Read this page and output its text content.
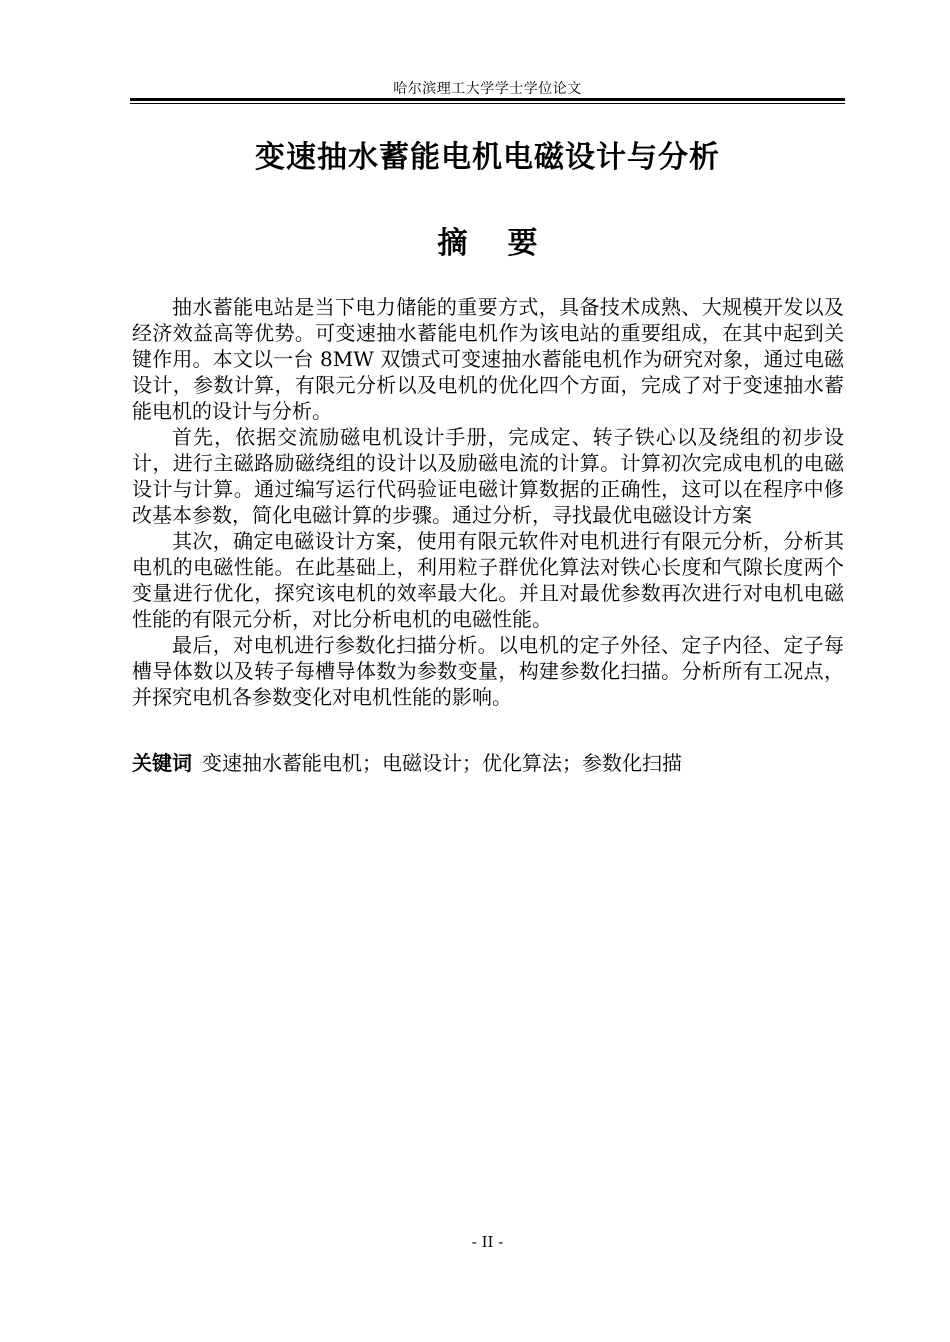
哈尔滨理工大学学士学位论文
变速抽水蓄能电机电磁设计与分析
摘要

抽水蓄能电站是当下电力储能的重要方式，具备技术成熟、大规模开发以及经济效益高等优势。可变速抽水蓄能电机作为该电站的重要组成，在其中起到关键作用。本文以一台 8MW 双馈式可变速抽水蓄能电机作为研究对象，通过电磁设计，参数计算，有限元分析以及电机的优化四个方面，完成了对于变速抽水蓄能电机的设计与分析。

首先，依据交流励磁电机设计手册，完成定、转子铁心以及绕组的初步设计，进行主磁路励磁绕组的设计以及励磁电流的计算。计算初次完成电机的电磁设计与计算。通过编写运行代码验证电磁计算数据的正确性，这可以在程序中修改基本参数，简化电磁计算的步骤。通过分析，寻找最优电磁设计方案

其次，确定电磁设计方案，使用有限元软件对电机进行有限元分析，分析其电机的电磁性能。在此基础上，利用粒子群优化算法对铁心长度和气隙长度两个变量进行优化，探究该电机的效率最大化。并且对最优参数再次进行对电机电磁性能的有限元分析，对比分析电机的电磁性能。

最后，对电机进行参数化扫描分析。以电机的定子外径、定子内径、定子每槽导体数以及转子每槽导体数为参数变量，构建参数化扫描。分析所有工况点，并探究电机各参数变化对电机性能的影响。

关键词 变速抽水蓄能电机；电磁设计；优化算法；参数化扫描
- II -
